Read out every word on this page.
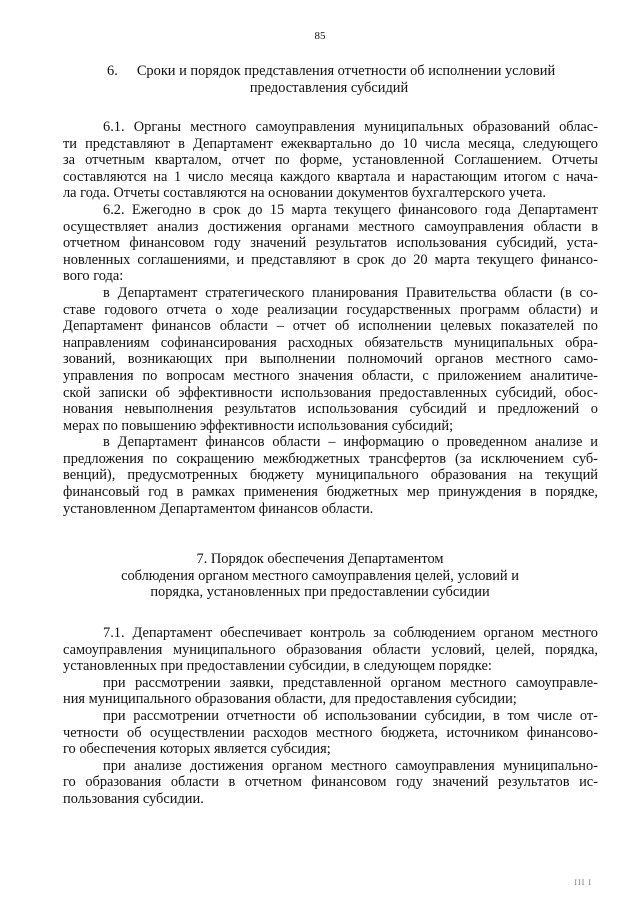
85
6.	Сроки и порядок представления отчетности об исполнении условий
предоставления субсидий
6.1. Органы местного самоуправления муниципальных образований облас-
ти представляют в Департамент ежеквартально до 10 числа месяца, следующего
за отчетным кварталом, отчет по форме, установленной Соглашением. Отчеты
составляются на 1 число месяца каждого квартала и нарастающим итогом с нача-
ла года. Отчеты составляются на основании документов бухгалтерского учета.
6.2. Ежегодно в срок до 15 марта текущего финансового года Департамент
осуществляет анализ достижения органами местного самоуправления области в
отчетном финансовом году значений результатов использования субсидий, уста-
новленных соглашениями, и представляют в срок до 20 марта текущего финансо-
вого года:
в Департамент стратегического планирования Правительства области (в со-
ставе годового отчета о ходе реализации государственных программ области) и
Департамент финансов области – отчет об исполнении целевых показателей по
направлениям софинансирования расходных обязательств муниципальных обра-
зований, возникающих при выполнении полномочий органов местного само-
управления по вопросам местного значения области, с приложением аналитиче-
ской записки об эффективности использования предоставленных субсидий, обос-
нования невыполнения результатов использования субсидий и предложений о
мерах по повышению эффективности использования субсидий;
в Департамент финансов области – информацию о проведенном анализе и
предложения по сокращению межбюджетных трансфертов (за исключением суб-
венций), предусмотренных бюджету муниципального образования на текущий
финансовый год в рамках применения бюджетных мер принуждения в порядке,
установленном Департаментом финансов области.
7. Порядок обеспечения Департаментом
соблюдения органом местного самоуправления целей, условий и
порядка, установленных при предоставлении субсидии
7.1. Департамент обеспечивает контроль за соблюдением органом местного
самоуправления муниципального образования области условий, целей, порядка,
установленных при предоставлении субсидии, в следующем порядке:
при рассмотрении заявки, представленной органом местного самоуправле-
ния муниципального образования области, для предоставления субсидии;
при рассмотрении отчетности об использовании субсидии, в том числе от-
четности об осуществлении расходов местного бюджета, источником финансово-
го обеспечения которых является субсидия;
при анализе достижения органом местного самоуправления муниципально-
го образования области в отчетном финансовом году значений результатов ис-
пользования субсидии.
III I
